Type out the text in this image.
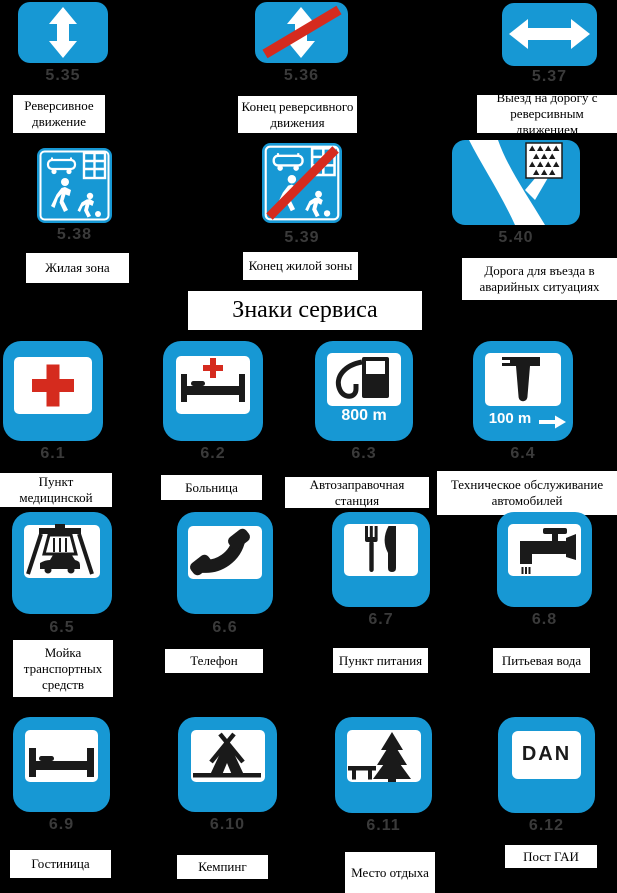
5.35
Реверсивное движение
5.36
Конец реверсивного движения
5.37
Выезд на дорогу с реверсивным движением
5.38
Жилая зона
5.39
Конец жилой зоны
5.40
Дорога для въезда в аварийных ситуациях
Знаки сервиса
6.1
Пункт медицинской
6.2
Больница
800 m
6.3
Автозаправочная станция
100 m
6.4
Техническое обслуживание автомобилей
6.5
Мойка транспортных средств
6.6
Телефон
6.7
Пункт питания
6.8
Питьевая вода
6.9
Гостиница
6.10
Кемпинг
6.11
Место отдыха
DAN
6.12
Пост ГАИ
